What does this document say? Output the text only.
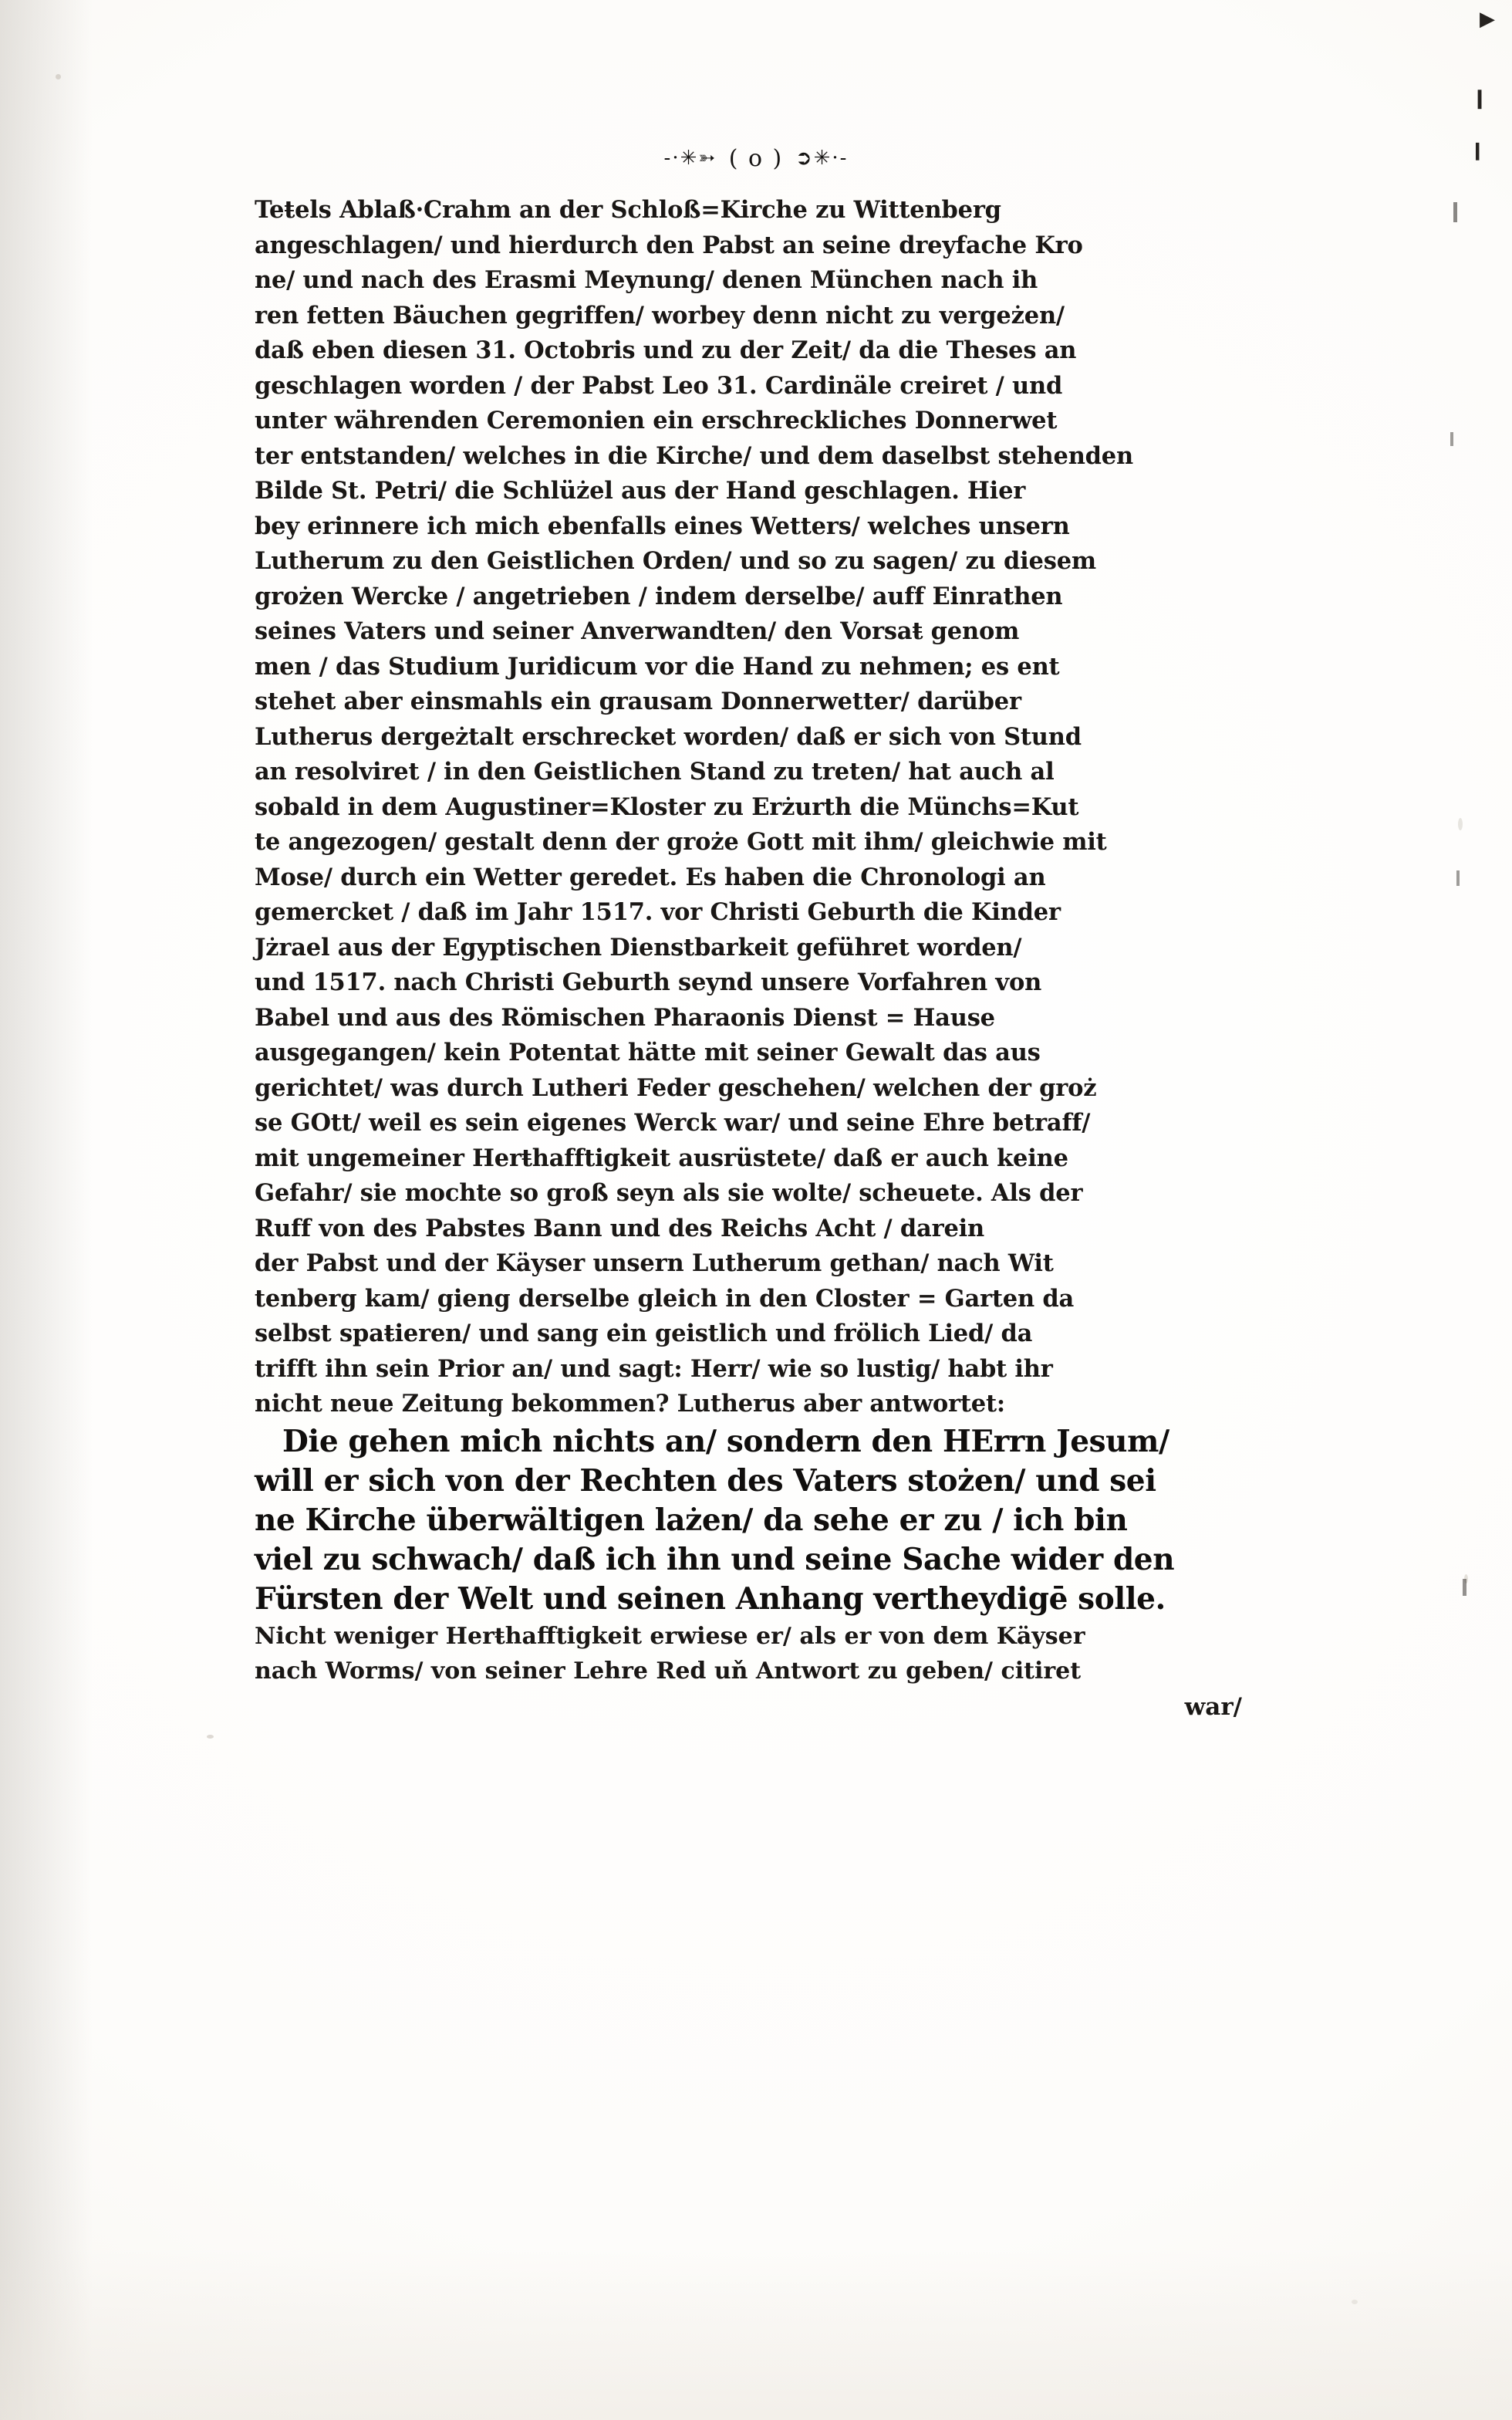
▶
❙
❙
-·✳➳ ( o ) ➲✳·-

Teŧels Ablaß·Crahm an der Schloß=Kirche zu Wittenberg

angeschlagen/ und hierdurch den Pabst an seine dreyfache Kro

ne/ und nach des Erasmi Meynung/ denen München nach ih

ren fetten Bäuchen gegriffen/ worbey denn nicht zu vergeżen/

daß eben diesen 31. Octobris und zu der Zeit/ da die Theses an

geschlagen worden / der Pabst Leo 31. Cardinäle creiret / und

unter währenden Ceremonien ein erschreckliches Donnerwet

ter entstanden/ welches in die Kirche/ und dem daselbst stehenden

Bilde St. Petri/ die Schlüżel aus der Hand geschlagen. Hier

bey erinnere ich mich ebenfalls eines Wetters/ welches unsern

Lutherum zu den Geistlichen Orden/ und so zu sagen/ zu diesem

grożen Wercke / angetrieben / indem derselbe/ auff Einrathen

seines Vaters und seiner Anverwandten/ den Vorsaŧ genom

men / das Studium Juridicum vor die Hand zu nehmen; es ent

stehet aber einsmahls ein grausam Donnerwetter/ darüber

Lutherus dergeżtalt erschrecket worden/ daß er sich von Stund

an resolviret / in den Geistlichen Stand zu treten/ hat auch al

sobald in dem Augustiner=Kloster zu Erżurth die Münchs=Kut

te angezogen/ gestalt denn der groże Gott mit ihm/ gleichwie mit

Mose/ durch ein Wetter geredet. Es haben die Chronologi an

gemercket / daß im Jahr 1517. vor Christi Geburth die Kinder

Jżrael aus der Egyptischen Dienstbarkeit geführet worden/

und 1517. nach Christi Geburth seynd unsere Vorfahren von

Babel und aus des Römischen Pharaonis Dienst = Hause

ausgegangen/ kein Potentat hätte mit seiner Gewalt das aus

gerichtet/ was durch Lutheri Feder geschehen/ welchen der groż

se GOtt/ weil es sein eigenes Werck war/ und seine Ehre betraff/

mit ungemeiner Herŧhafftigkeit ausrüstete/ daß er auch keine

Gefahr/ sie mochte so groß seyn als sie wolte/ scheuete. Als der

Ruff von des Pabstes Bann und des Reichs Acht / darein

der Pabst und der Käyser unsern Lutherum gethan/ nach Wit

tenberg kam/ gieng derselbe gleich in den Closter = Garten da

selbst spaŧieren/ und sang ein geistlich und frölich Lied/ da

trifft ihn sein Prior an/ und sagt: Herr/ wie so lustig/ habt ihr

nicht neue Zeitung bekommen? Lutherus aber antwortet:

Die gehen mich nichts an/ sondern den HErrn Jesum/

will er sich von der Rechten des Vaters stożen/ und sei

ne Kirche überwältigen lażen/ da sehe er zu / ich bin

viel zu schwach/ daß ich ihn und seine Sache wider den

Fürsten der Welt und seinen Anhang vertheydigē solle.

Nicht weniger Herŧhafftigkeit erwiese er/ als er von dem Käyser

nach Worms/ von seiner Lehre Red uň Antwort zu geben/ citiret

war/
